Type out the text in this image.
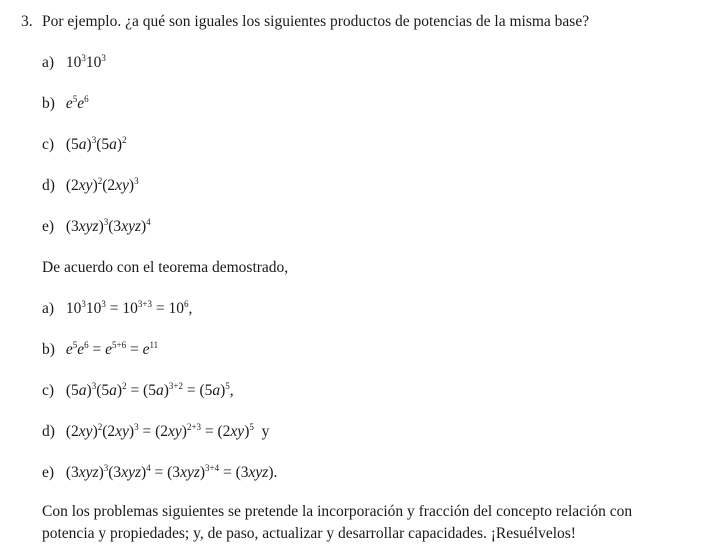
3. Por ejemplo. ¿a qué son iguales los siguientes productos de potencias de la misma base?
a) $10^310^3$
b) $e^5e^6$
c) $(5a)^3(5a)^2$
d) $(2xy)^2(2xy)^3$
e) $(3xyz)^3(3xyz)^4$
De acuerdo con el teorema demostrado,
a) $10^310^3 = 10^{3+3} = 10^6$,
b) $e^5e^6 = e^{5+6} = e^{11}$
c) $(5a)^3(5a)^2 = (5a)^{3+2} = (5a)^5$,
d) $(2xy)^2(2xy)^3 = (2xy)^{2+3} = (2xy)^5$  y
e) $(3xyz)^3(3xyz)^4 = (3xyz)^{3+4} = (3xyz)$.
Con los problemas siguientes se pretende la incorporación y fracción del concepto relación con
potencia y propiedades; y, de paso, actualizar y desarrollar capacidades. ¡Resuélvelos!
